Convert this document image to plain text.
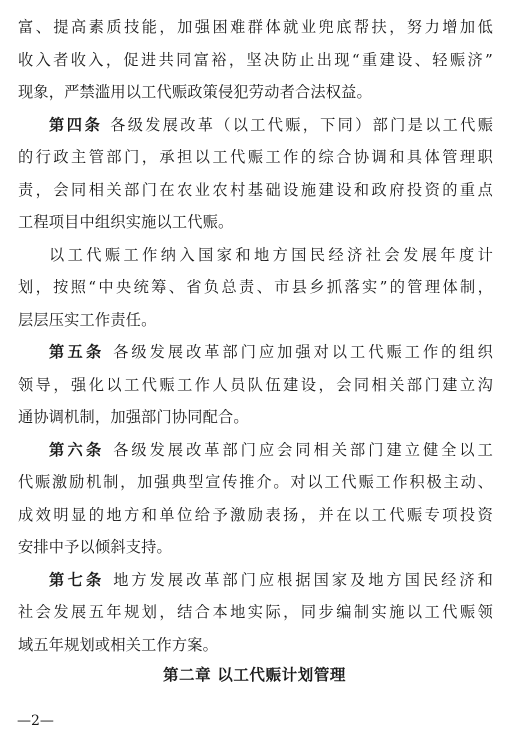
富、提高素质技能，加强困难群体就业兜底帮扶，努力增加低
收入者收入，促进共同富裕，坚决防止出现“重建设、轻赈济”
现象，严禁滥用以工代赈政策侵犯劳动者合法权益。
第四条 各级发展改革（以工代赈，下同）部门是以工代赈
的行政主管部门，承担以工代赈工作的综合协调和具体管理职
责，会同相关部门在农业农村基础设施建设和政府投资的重点
工程项目中组织实施以工代赈。
以工代赈工作纳入国家和地方国民经济社会发展年度计
划，按照“中央统筹、省负总责、市县乡抓落实”的管理体制，
层层压实工作责任。
第五条 各级发展改革部门应加强对以工代赈工作的组织
领导，强化以工代赈工作人员队伍建设，会同相关部门建立沟
通协调机制，加强部门协同配合。
第六条 各级发展改革部门应会同相关部门建立健全以工
代赈激励机制，加强典型宣传推介。对以工代赈工作积极主动、
成效明显的地方和单位给予激励表扬，并在以工代赈专项投资
安排中予以倾斜支持。
第七条 地方发展改革部门应根据国家及地方国民经济和
社会发展五年规划，结合本地实际，同步编制实施以工代赈领
域五年规划或相关工作方案。
第二章 以工代赈计划管理
—2—
